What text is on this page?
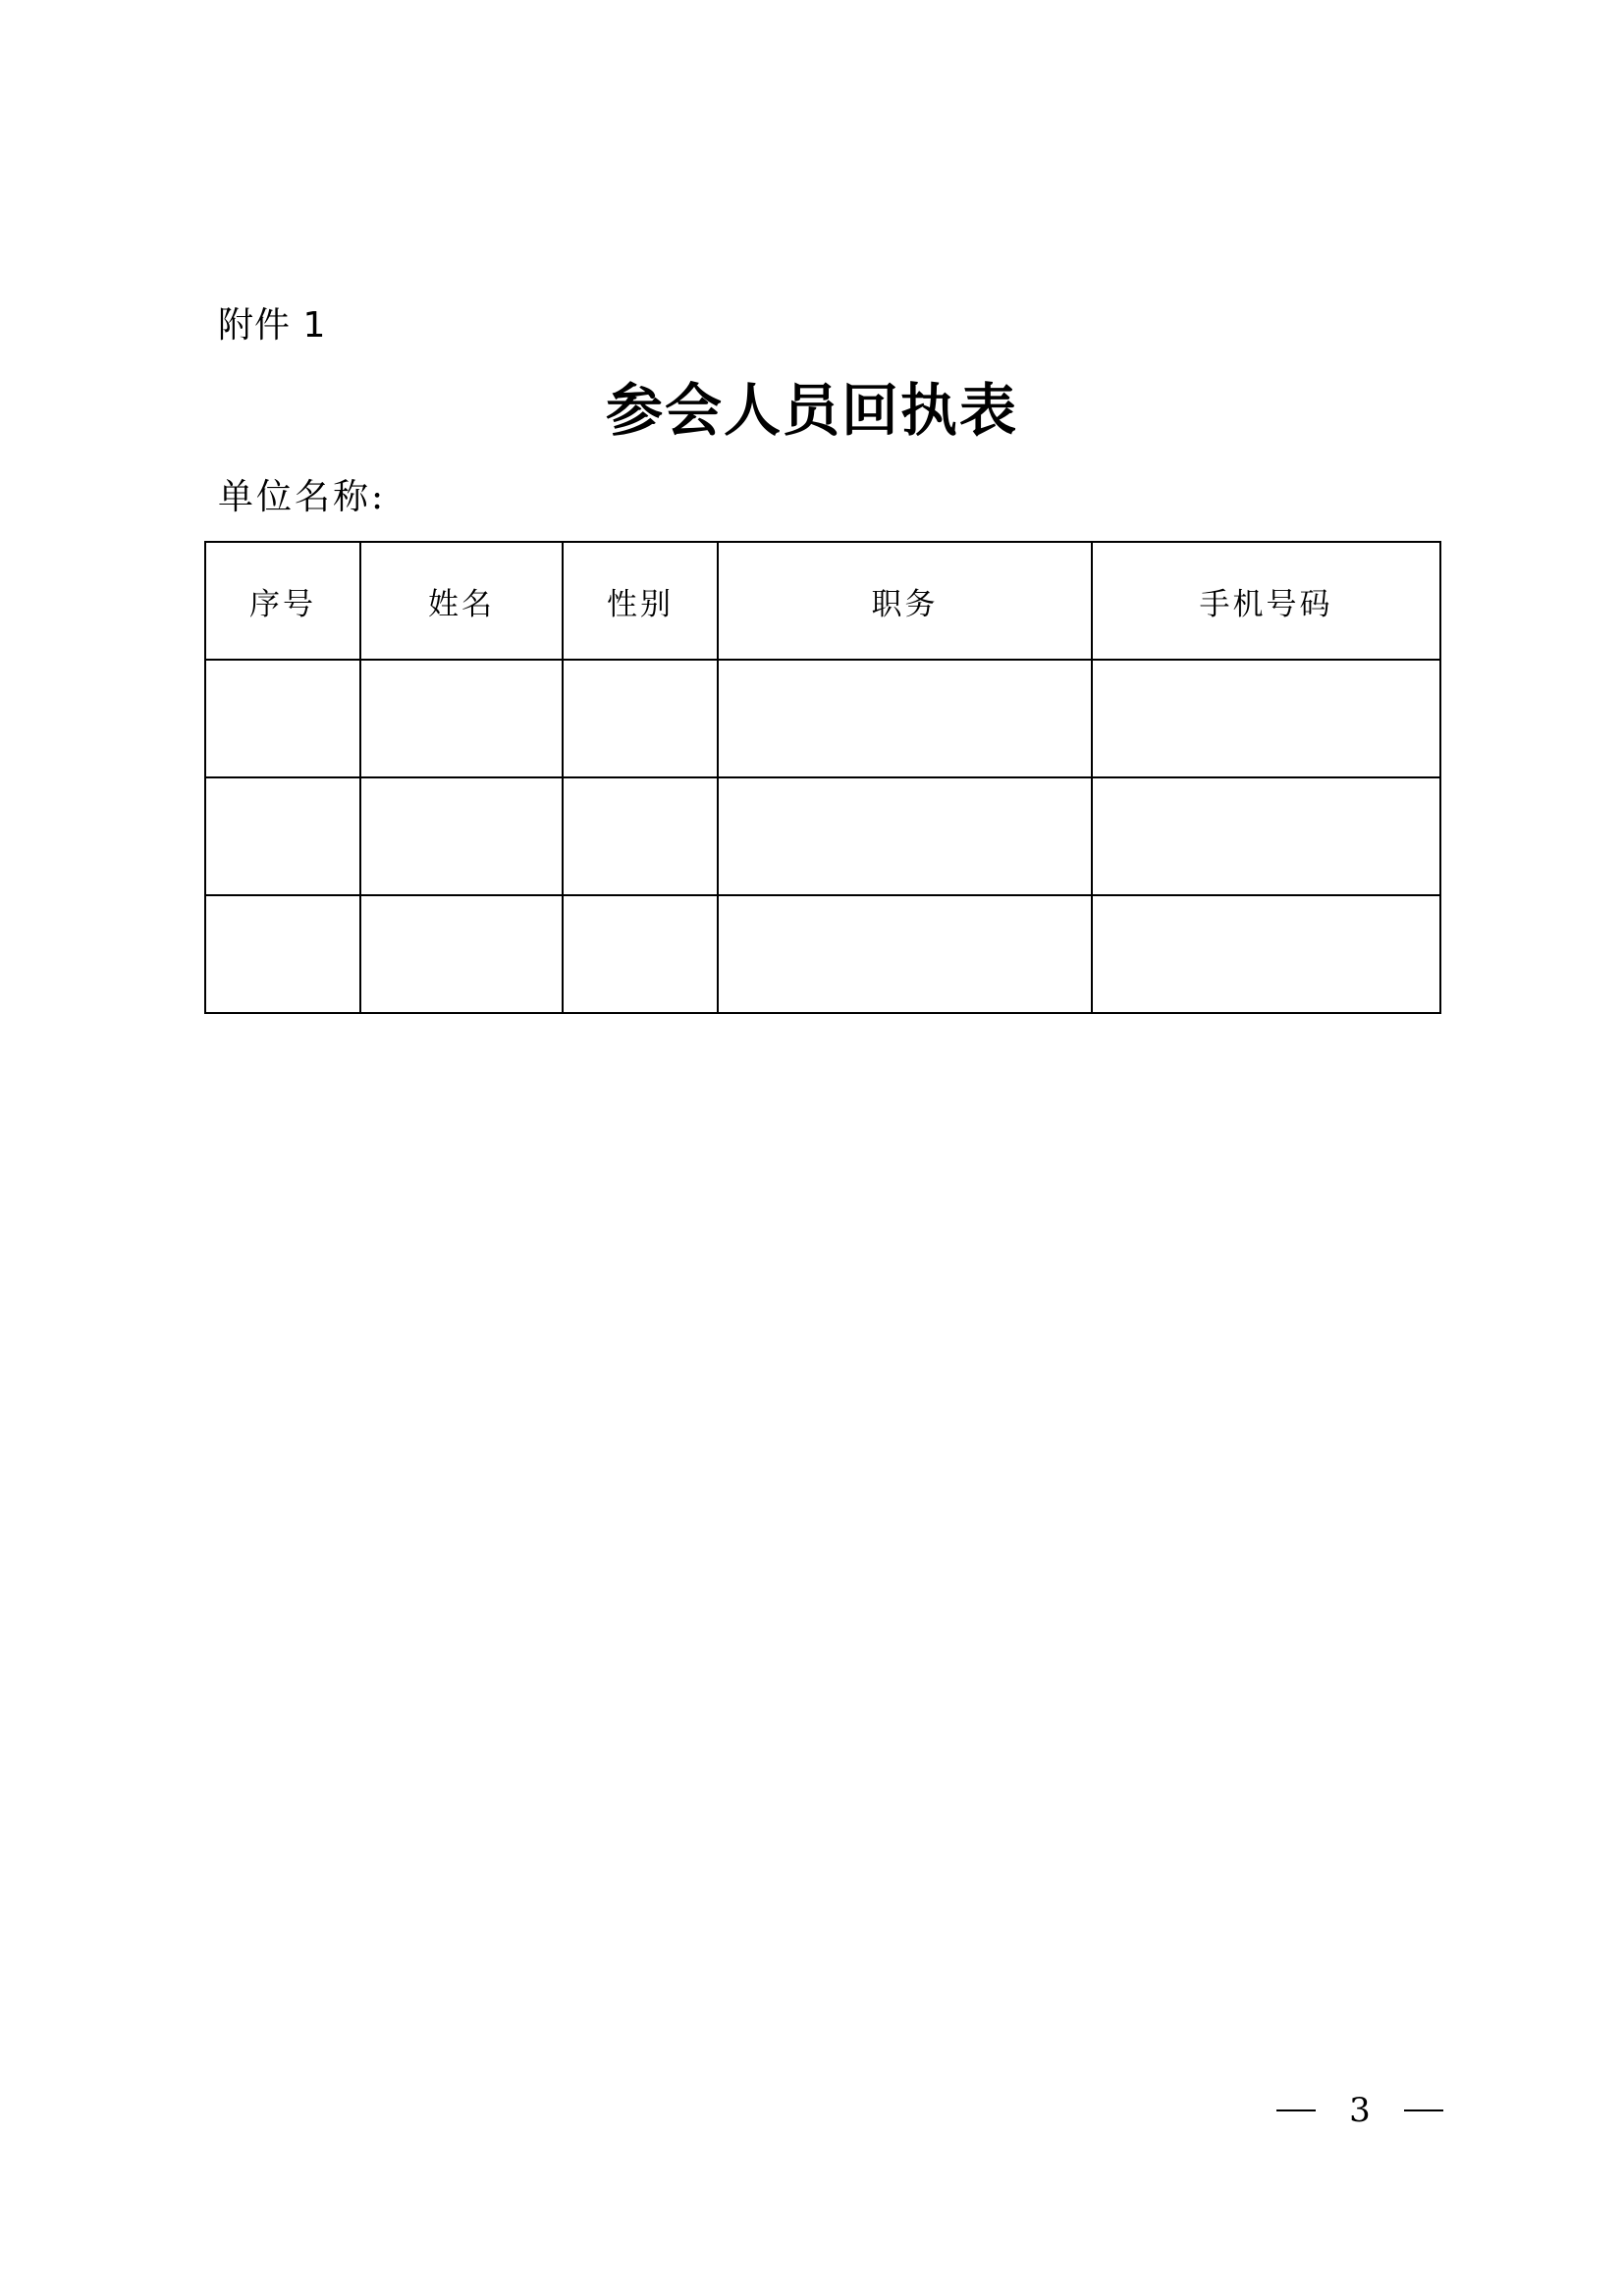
附件 1
参会人员回执表
单位名称:
序号	姓名	性别	职务	手机号码

3
